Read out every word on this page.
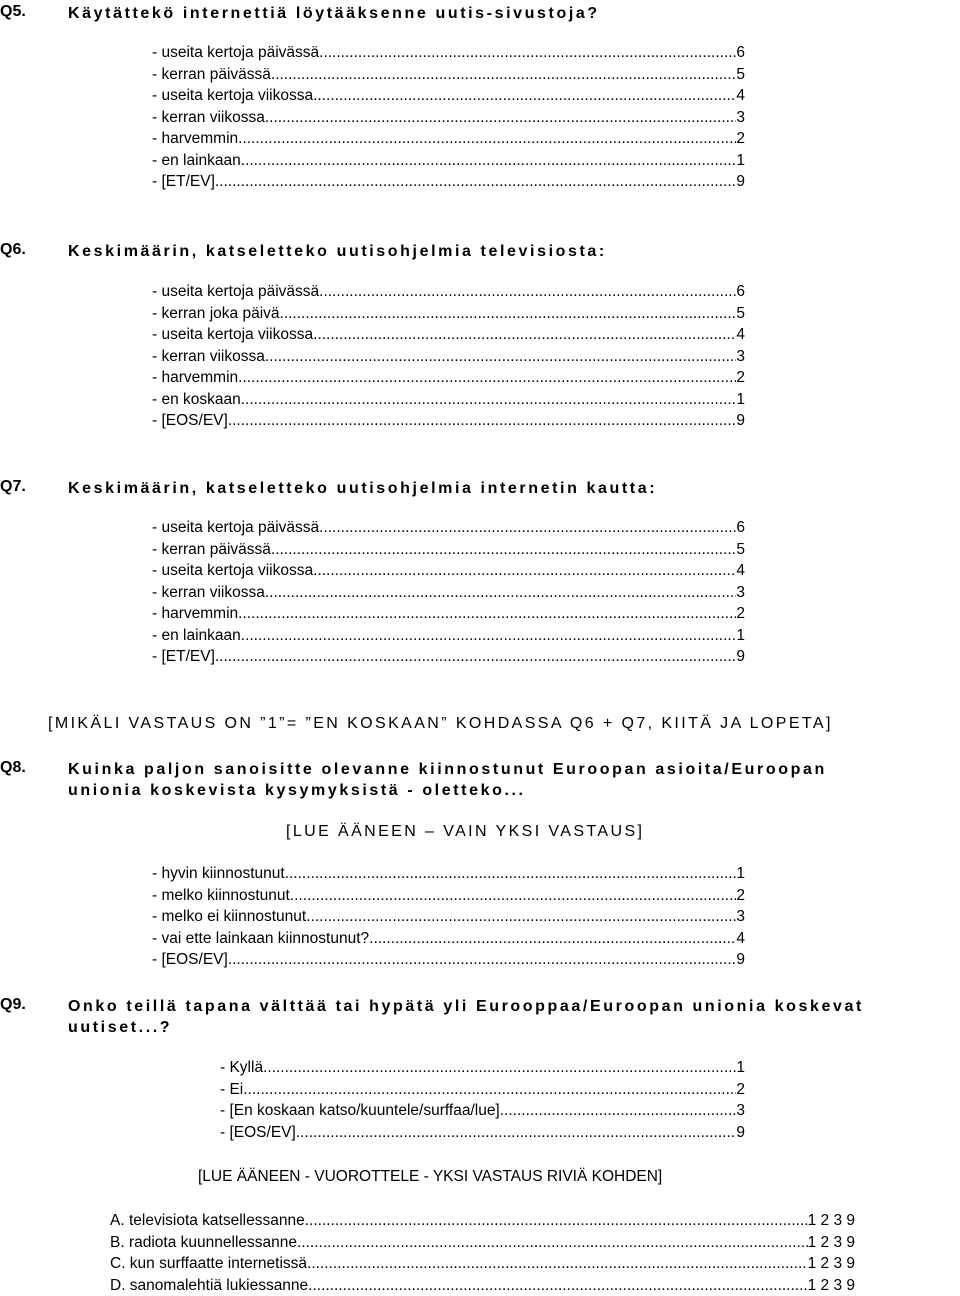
Q5.	Käytättekö internettiä löytääksenne uutis-sivustoja?
- useita kertoja päivässä .....	6
- kerran päivässä .....	5
- useita kertoja viikossa .....	4
- kerran viikossa .....	3
- harvemmin .....	2
- en lainkaan .....	1
- [ET/EV] .....	9
Q6.	Keskimäärin, katseletteko uutisohjelmia televisiosta:
- useita kertoja päivässä .....	6
- kerran joka päivä .....	5
- useita kertoja viikossa .....	4
- kerran viikossa .....	3
- harvemmin .....	2
- en koskaan .....	1
- [EOS/EV] .....	9
Q7.	Keskimäärin, katseletteko uutisohjelmia internetin kautta:
- useita kertoja päivässä .....	6
- kerran päivässä .....	5
- useita kertoja viikossa .....	4
- kerran viikossa .....	3
- harvemmin .....	2
- en lainkaan .....	1
- [ET/EV] .....	9
[MIKÄLI VASTAUS ON ”1”= ”EN KOSKAAN” KOHDASSA Q6 + Q7, KIITÄ JA LOPETA]
Q8.	Kuinka paljon sanoisitte olevanne kiinnostunut Euroopan asioita/Euroopan
unionia koskevista kysymyksistä - oletteko...
[LUE ÄÄNEEN – VAIN YKSI VASTAUS]
- hyvin kiinnostunut .....	1
- melko kiinnostunut .....	2
- melko ei kiinnostunut .....	3
- vai ette lainkaan kiinnostunut? .....	4
- [EOS/EV] .....	9
Q9.	Onko teillä tapana välttää tai hypätä yli Eurooppaa/Euroopan unionia koskevat
uutiset...?
- Kyllä .....	1
- Ei .....	2
- [En koskaan katso/kuuntele/surffaa/lue] .....	3
- [EOS/EV] .....	9
[LUE ÄÄNEEN - VUOROTTELE - YKSI VASTAUS RIVIÄ KOHDEN]
A. televisiota katsellessanne .....	1 2 3 9
B. radiota kuunnellessanne .....	1 2 3 9
C. kun surffaatte internetissä .....	1 2 3 9
D. sanomalehtiä lukiessanne .....	1 2 3 9
